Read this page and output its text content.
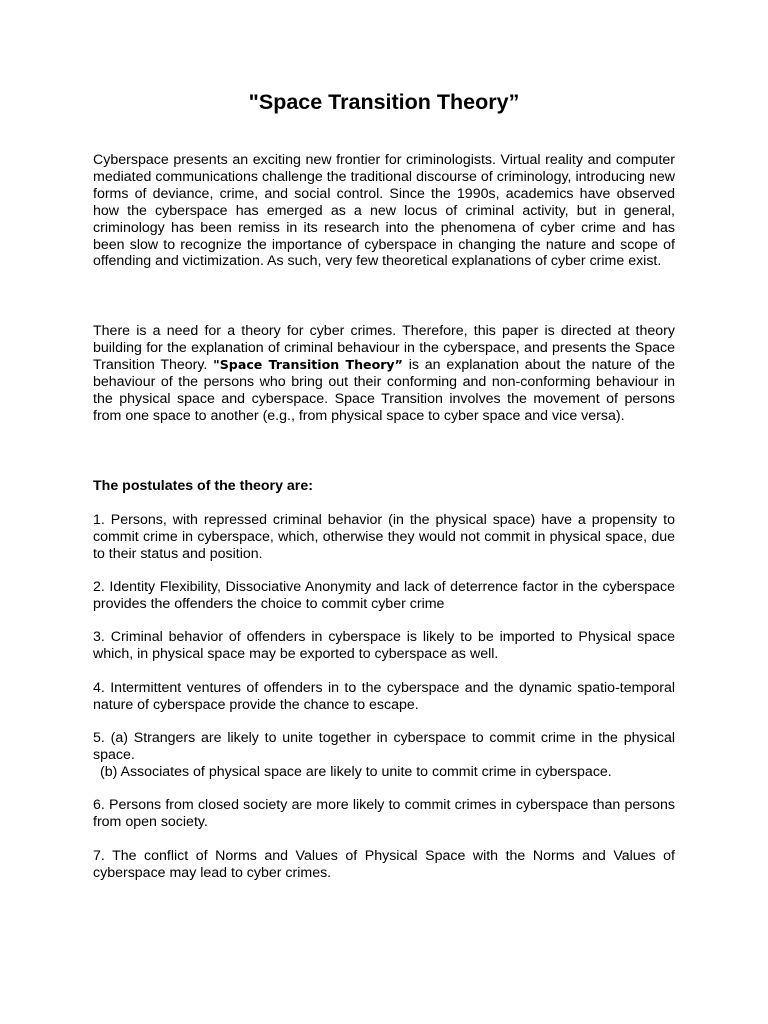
"Space Transition Theory”

Cyberspace presents an exciting new frontier for criminologists. Virtual reality and computer mediated communications challenge the traditional discourse of criminology, introducing new forms of deviance, crime, and social control. Since the 1990s, academics have observed how the cyberspace has emerged as a new locus of criminal activity, but in general, criminology has been remiss in its research into the phenomena of cyber crime and has been slow to recognize the importance of cyberspace in changing the nature and scope of offending and victimization. As such, very few theoretical explanations of cyber crime exist.

There is a need for a theory for cyber crimes. Therefore, this paper is directed at theory building for the explanation of criminal behaviour in the cyberspace, and presents the Space Transition Theory. "Space Transition Theory” is an explanation about the nature of the behaviour of the persons who bring out their conforming and non-conforming behaviour in the physical space and cyberspace. Space Transition involves the movement of persons from one space to another (e.g., from physical space to cyber space and vice versa).

The postulates of the theory are:

1. Persons, with repressed criminal behavior (in the physical space) have a propensity to commit crime in cyberspace, which, otherwise they would not commit in physical space, due to their status and position.

2. Identity Flexibility, Dissociative Anonymity and lack of deterrence factor in the cyberspace provides the offenders the choice to commit cyber crime

3. Criminal behavior of offenders in cyberspace is likely to be imported to Physical space which, in physical space may be exported to cyberspace as well.

4. Intermittent ventures of offenders in to the cyberspace and the dynamic spatio-temporal nature of cyberspace provide the chance to escape.

5. (a) Strangers are likely to unite together in cyberspace to commit crime in the physical space.

(b) Associates of physical space are likely to unite to commit crime in cyberspace.

6. Persons from closed society are more likely to commit crimes in cyberspace than persons from open society.

7. The conflict of Norms and Values of Physical Space with the Norms and Values of cyberspace may lead to cyber crimes.
